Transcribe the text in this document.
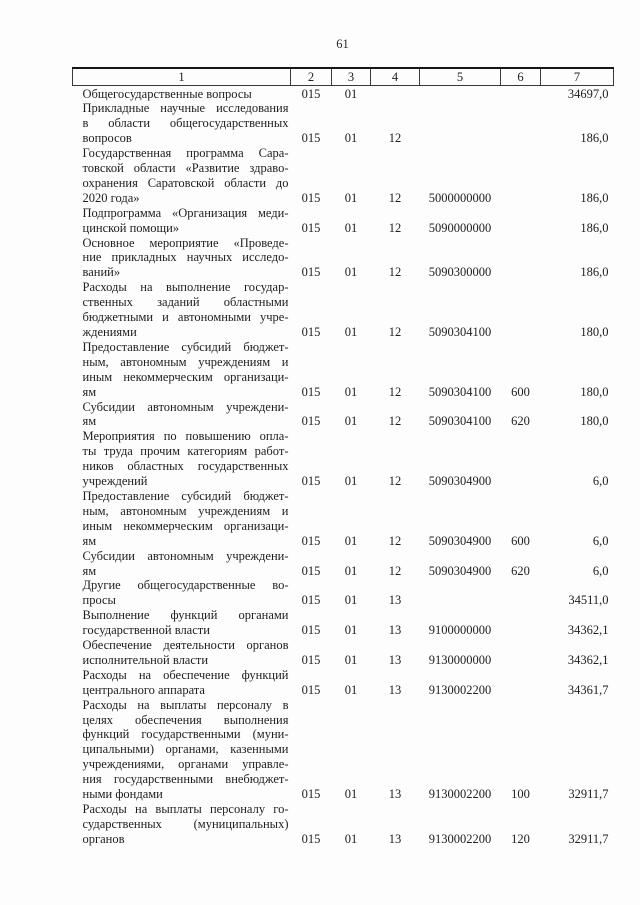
61
1	2	3	4	5	6	7

Общегосударственные вопросы	015	01				34697,0

Прикладные научные исследования
в области общегосударственных
вопросов	015	01	12			186,0

Государственная программа Сара-
товской области «Развитие здраво-
охранения Саратовской области до
2020 года»	015	01	12	5000000000		186,0

Подпрограмма «Организация меди-
цинской помощи»	015	01	12	5090000000		186,0

Основное мероприятие «Проведе-
ние прикладных научных исследо-
ваний»	015	01	12	5090300000		186,0

Расходы на выполнение государ-
ственных заданий областными
бюджетными и автономными учре-
ждениями	015	01	12	5090304100		180,0

Предоставление субсидий бюджет-
ным, автономным учреждениям и
иным некоммерческим организаци-
ям	015	01	12	5090304100	600	180,0

Субсидии автономным учреждени-
ям	015	01	12	5090304100	620	180,0

Мероприятия по повышению опла-
ты труда прочим категориям работ-
ников областных государственных
учреждений	015	01	12	5090304900		6,0

Предоставление субсидий бюджет-
ным, автономным учреждениям и
иным некоммерческим организаци-
ям	015	01	12	5090304900	600	6,0

Субсидии автономным учреждени-
ям	015	01	12	5090304900	620	6,0

Другие общегосударственные во-
просы	015	01	13			34511,0

Выполнение функций органами
государственной власти	015	01	13	9100000000		34362,1

Обеспечение деятельности органов
исполнительной власти	015	01	13	9130000000		34362,1

Расходы на обеспечение функций
центрального аппарата	015	01	13	9130002200		34361,7

Расходы на выплаты персоналу в
целях обеспечения выполнения
функций государственными (муни-
ципальными) органами, казенными
учреждениями, органами управле-
ния государственными внебюджет-
ными фондами	015	01	13	9130002200	100	32911,7

Расходы на выплаты персоналу го-
сударственных (муниципальных)
органов	015	01	13	9130002200	120	32911,7
